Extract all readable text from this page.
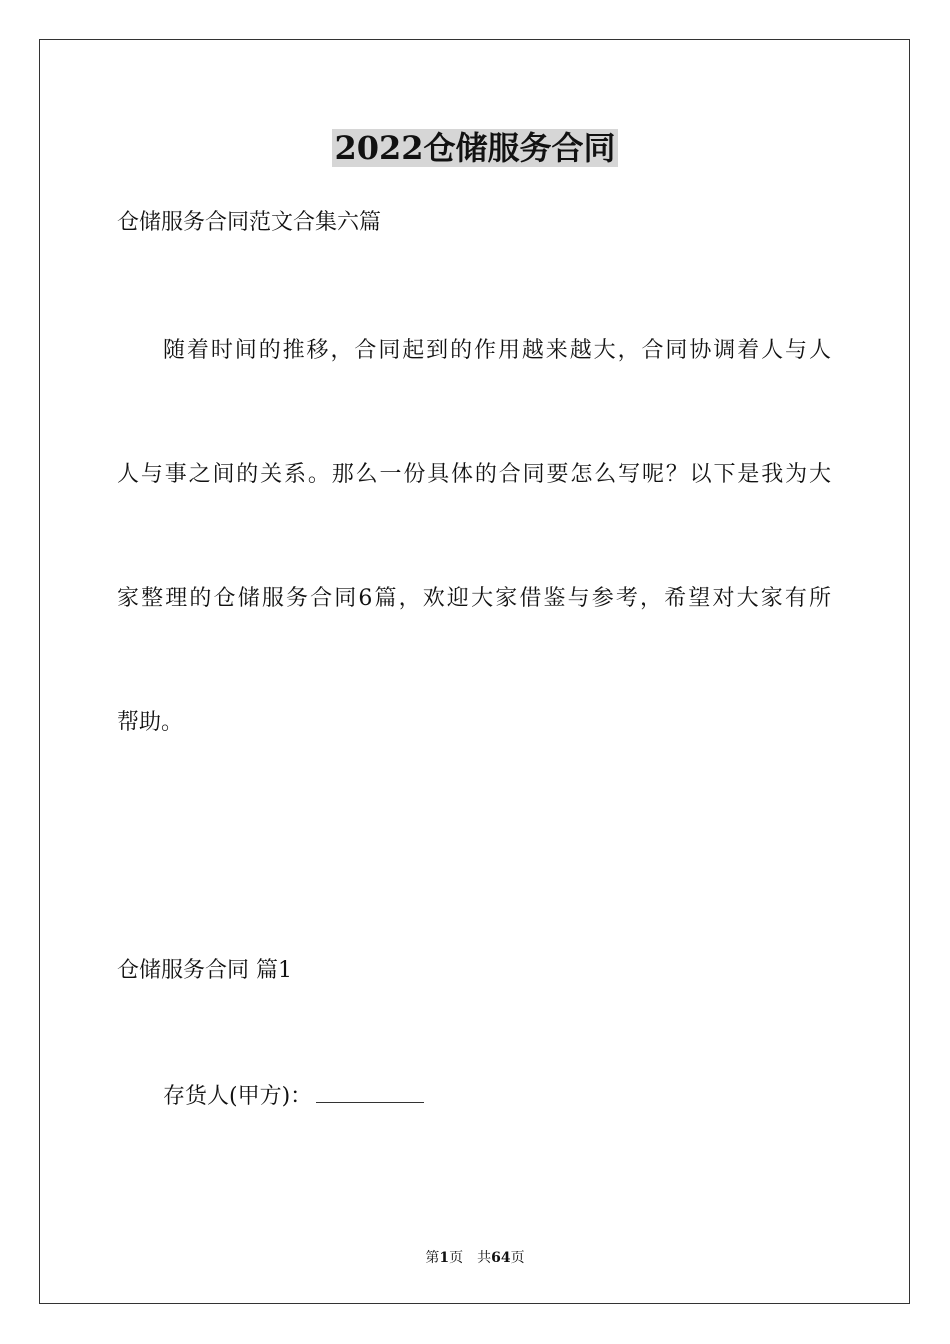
2022仓储服务合同
仓储服务合同范文合集六篇
随着时间的推移，合同起到的作用越来越大，合同协调着人与人
人与事之间的关系。那么一份具体的合同要怎么写呢？以下是我为大
家整理的仓储服务合同6篇，欢迎大家借鉴与参考，希望对大家有所
帮助。
仓储服务合同 篇1
存货人(甲方)：
第1页 共64页
